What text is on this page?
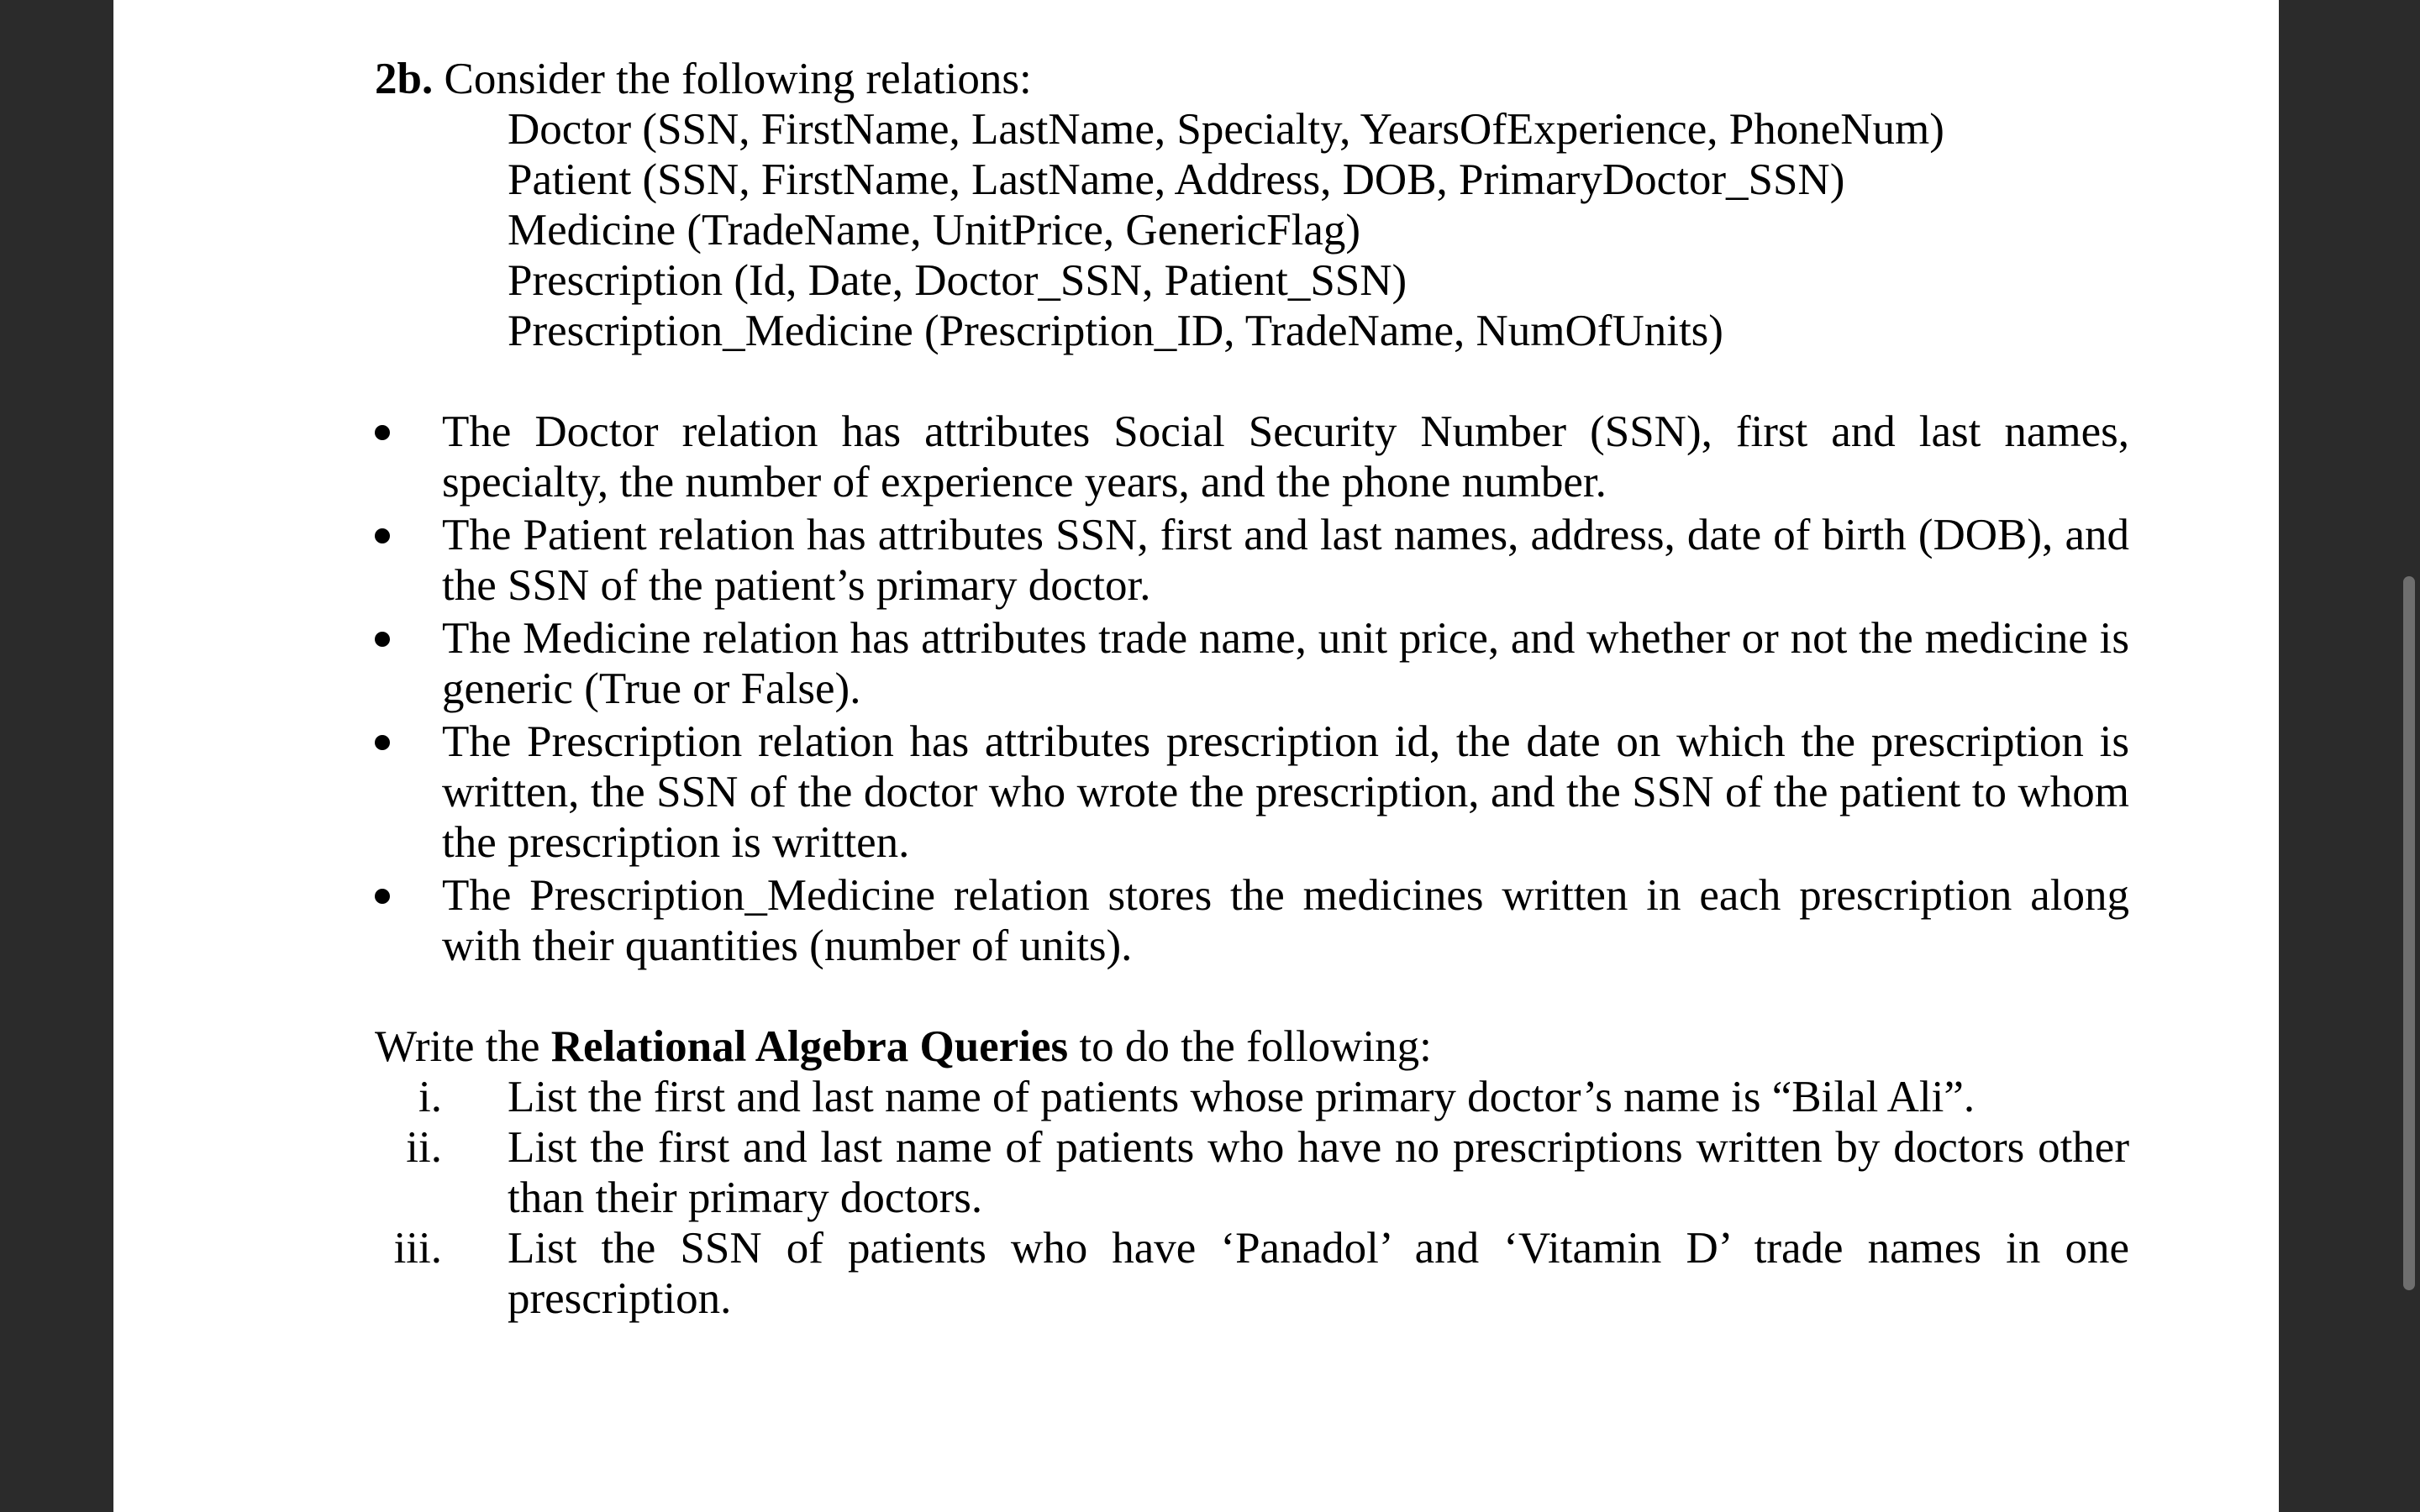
2b. Consider the following relations:

Doctor (SSN, FirstName, LastName, Specialty, YearsOfExperience, PhoneNum)
Patient (SSN, FirstName, LastName, Address, DOB, PrimaryDoctor_SSN)
Medicine (TradeName, UnitPrice, GenericFlag)
Prescription (Id, Date, Doctor_SSN, Patient_SSN)
Prescription_Medicine (Prescription_ID, TradeName, NumOfUnits)
The Doctor relation has attributes Social Security Number (SSN), first and last names, specialty, the number of experience years, and the phone number.
The Patient relation has attributes SSN, first and last names, address, date of birth (DOB), and the SSN of the patient’s primary doctor.
The Medicine relation has attributes trade name, unit price, and whether or not the medicine is generic (True or False).
The Prescription relation has attributes prescription id, the date on which the prescription is written, the SSN of the doctor who wrote the prescription, and the SSN of the patient to whom the prescription is written.
The Prescription_Medicine relation stores the medicines written in each prescription along with their quantities (number of units).

Write the Relational Algebra Queries to do the following:

i. List the first and last name of patients whose primary doctor’s name is “Bilal Ali”.
ii. List the first and last name of patients who have no prescriptions written by doctors other than their primary doctors.
iii. List the SSN of patients who have ‘Panadol’ and ‘Vitamin D’ trade names in one prescription.
